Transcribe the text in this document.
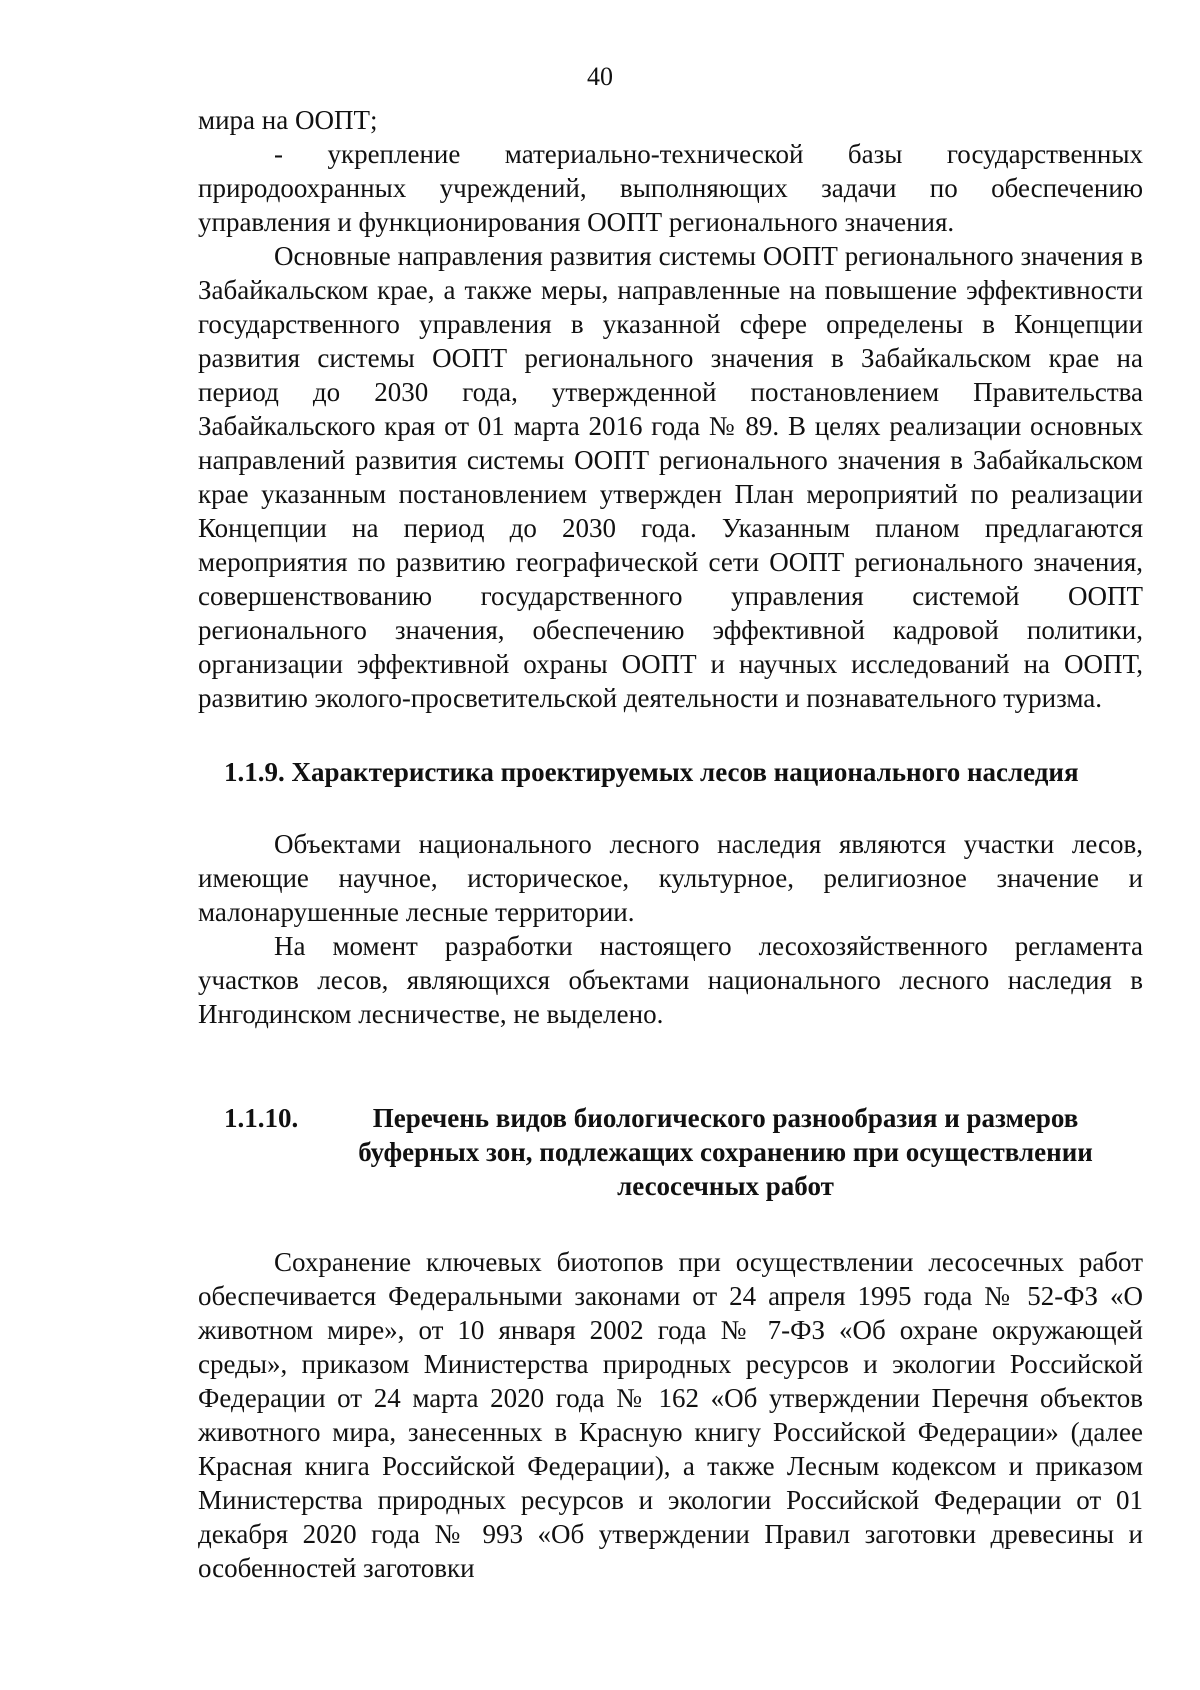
40

мира на ООПТ;

- укрепление материально-технической базы государственных природоохранных учреждений, выполняющих задачи по обеспечению управления и функционирования ООПТ регионального значения.

Основные направления развития системы ООПТ регионального значения в Забайкальском крае, а также меры, направленные на повышение эффективности государственного управления в указанной сфере определены в Концепции развития системы ООПТ регионального значения в Забайкальском крае на период до 2030 года, утвержденной постановлением Правительства Забайкальского края от 01 марта 2016 года № 89. В целях реализации основных направлений развития системы ООПТ регионального значения в Забайкальском крае указанным постановлением утвержден План мероприятий по реализации Концепции на период до 2030 года. Указанным планом предлагаются мероприятия по развитию географической сети ООПТ регионального значения, совершенствованию государственного управления системой ООПТ регионального значения, обеспечению эффективной кадровой политики, организации эффективной охраны ООПТ и научных исследований на ООПТ, развитию эколого-просветительской деятельности и познавательного туризма.

1.1.9. Характеристика проектируемых лесов национального наследия

Объектами национального лесного наследия являются участки лесов, имеющие научное, историческое, культурное, религиозное значение и малонарушенные лесные территории.

На момент разработки настоящего лесохозяйственного регламента участков лесов, являющихся объектами национального лесного наследия в Ингодинском лесничестве, не выделено.

1.1.10.	Перечень видов биологического разнообразия и размеров буферных зон, подлежащих сохранению при осуществлении лесосечных работ

Сохранение ключевых биотопов при осуществлении лесосечных работ обеспечивается Федеральными законами от 24 апреля 1995 года № 52-ФЗ «О животном мире», от 10 января 2002 года № 7-ФЗ «Об охране окружающей среды», приказом Министерства природных ресурсов и экологии Российской Федерации от 24 марта 2020 года № 162 «Об утверждении Перечня объектов животного мира, занесенных в Красную книгу Российской Федерации» (далее Красная книга Российской Федерации), а также Лесным кодексом и приказом Министерства природных ресурсов и экологии Российской Федерации от 01 декабря 2020 года № 993 «Об утверждении Правил заготовки древесины и особенностей заготовки
